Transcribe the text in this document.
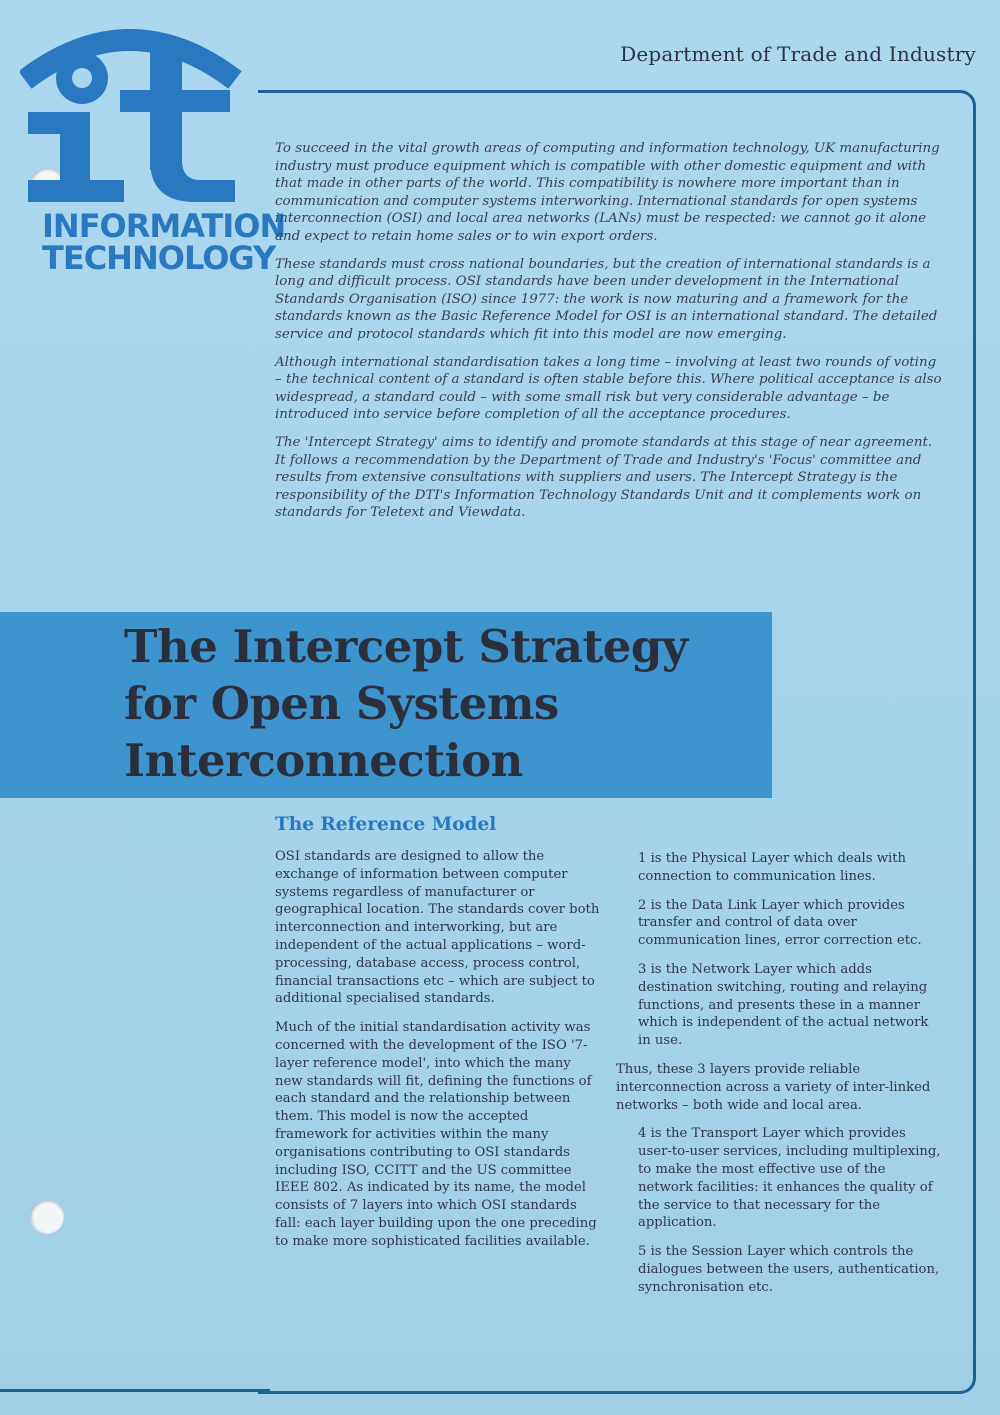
INFORMATION
TECHNOLOGY
Department of Trade and Industry

To succeed in the vital growth areas of computing and information technology, UK manufacturing industry must produce equipment which is compatible with other domestic equipment and with that made in other parts of the world. This compatibility is nowhere more important than in communication and computer systems interworking. International standards for open systems interconnection (OSI) and local area networks (LANs) must be respected: we cannot go it alone and expect to retain home sales or to win export orders.

These standards must cross national boundaries, but the creation of international standards is a long and difficult process. OSI standards have been under development in the International Standards Organisation (ISO) since 1977: the work is now maturing and a framework for the standards known as the Basic Reference Model for OSI is an international standard. The detailed service and protocol standards which fit into this model are now emerging.

Although international standardisation takes a long time – involving at least two rounds of voting – the technical content of a standard is often stable before this. Where political acceptance is also widespread, a standard could – with some small risk but very considerable advantage – be introduced into service before completion of all the acceptance procedures.

The 'Intercept Strategy' aims to identify and promote standards at this stage of near agreement. It follows a recommendation by the Department of Trade and Industry's 'Focus' committee and results from extensive consultations with suppliers and users. The Intercept Strategy is the responsibility of the DTI's Information Technology Standards Unit and it complements work on standards for Teletext and Viewdata.

The Intercept Strategy
for Open Systems
Interconnection
The Reference Model

OSI standards are designed to allow the exchange of information between computer systems regardless of manufacturer or geographical location. The standards cover both interconnection and interworking, but are independent of the actual applications – word-processing, database access, process control, financial transactions etc – which are subject to additional specialised standards.

Much of the initial standardisation activity was concerned with the development of the ISO '7-layer reference model', into which the many new standards will fit, defining the functions of each standard and the relationship between them. This model is now the accepted framework for activities within the many organisations contributing to OSI standards including ISO, CCITT and the US committee IEEE 802. As indicated by its name, the model consists of 7 layers into which OSI standards fall: each layer building upon the one preceding to make more sophisticated facilities available.

1 is the Physical Layer which deals with connection to communication lines.

2 is the Data Link Layer which provides transfer and control of data over communication lines, error correction etc.

3 is the Network Layer which adds destination switching, routing and relaying functions, and presents these in a manner which is independent of the actual network in use.

Thus, these 3 layers provide reliable interconnection across a variety of inter-linked networks – both wide and local area.

4 is the Transport Layer which provides user-to-user services, including multiplexing, to make the most effective use of the network facilities: it enhances the quality of the service to that necessary for the application.

5 is the Session Layer which controls the dialogues between the users, authentication, synchronisation etc.
